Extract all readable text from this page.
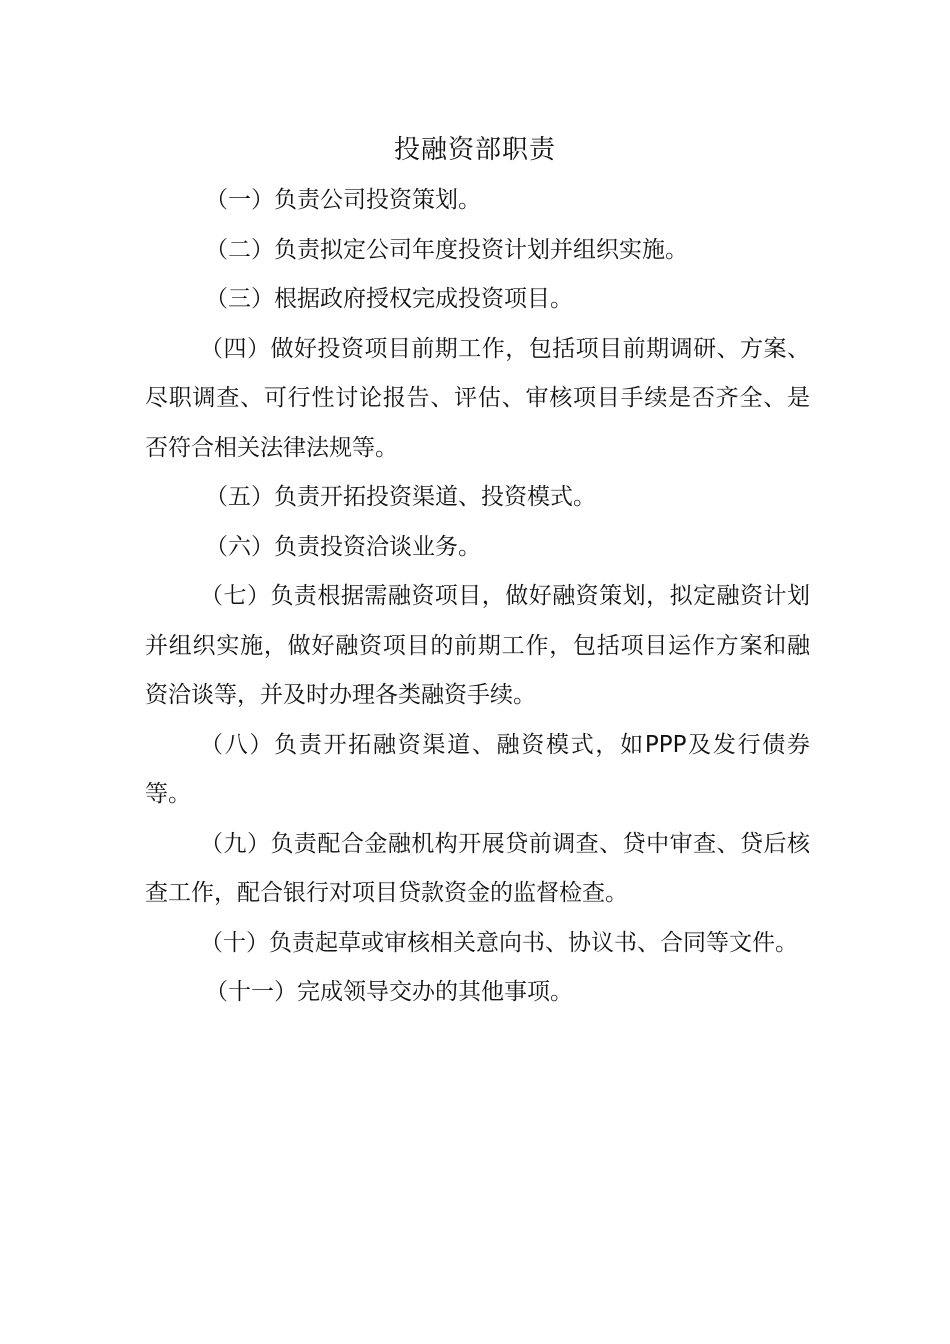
投融资部职责

（一）负责公司投资策划。

（二）负责拟定公司年度投资计划并组织实施。

（三）根据政府授权完成投资项目。

（四）做好投资项目前期工作，包括项目前期调研、方案、尽职调查、可行性讨论报告、评估、审核项目手续是否齐全、是否符合相关法律法规等。

（五）负责开拓投资渠道、投资模式。

（六）负责投资洽谈业务。

（七）负责根据需融资项目，做好融资策划，拟定融资计划并组织实施，做好融资项目的前期工作，包括项目运作方案和融资洽谈等，并及时办理各类融资手续。

（八）负责开拓融资渠道、融资模式，如PPP及发行债券等。

（九）负责配合金融机构开展贷前调查、贷中审查、贷后核查工作，配合银行对项目贷款资金的监督检查。

（十）负责起草或审核相关意向书、协议书、合同等文件。

（十一）完成领导交办的其他事项。
